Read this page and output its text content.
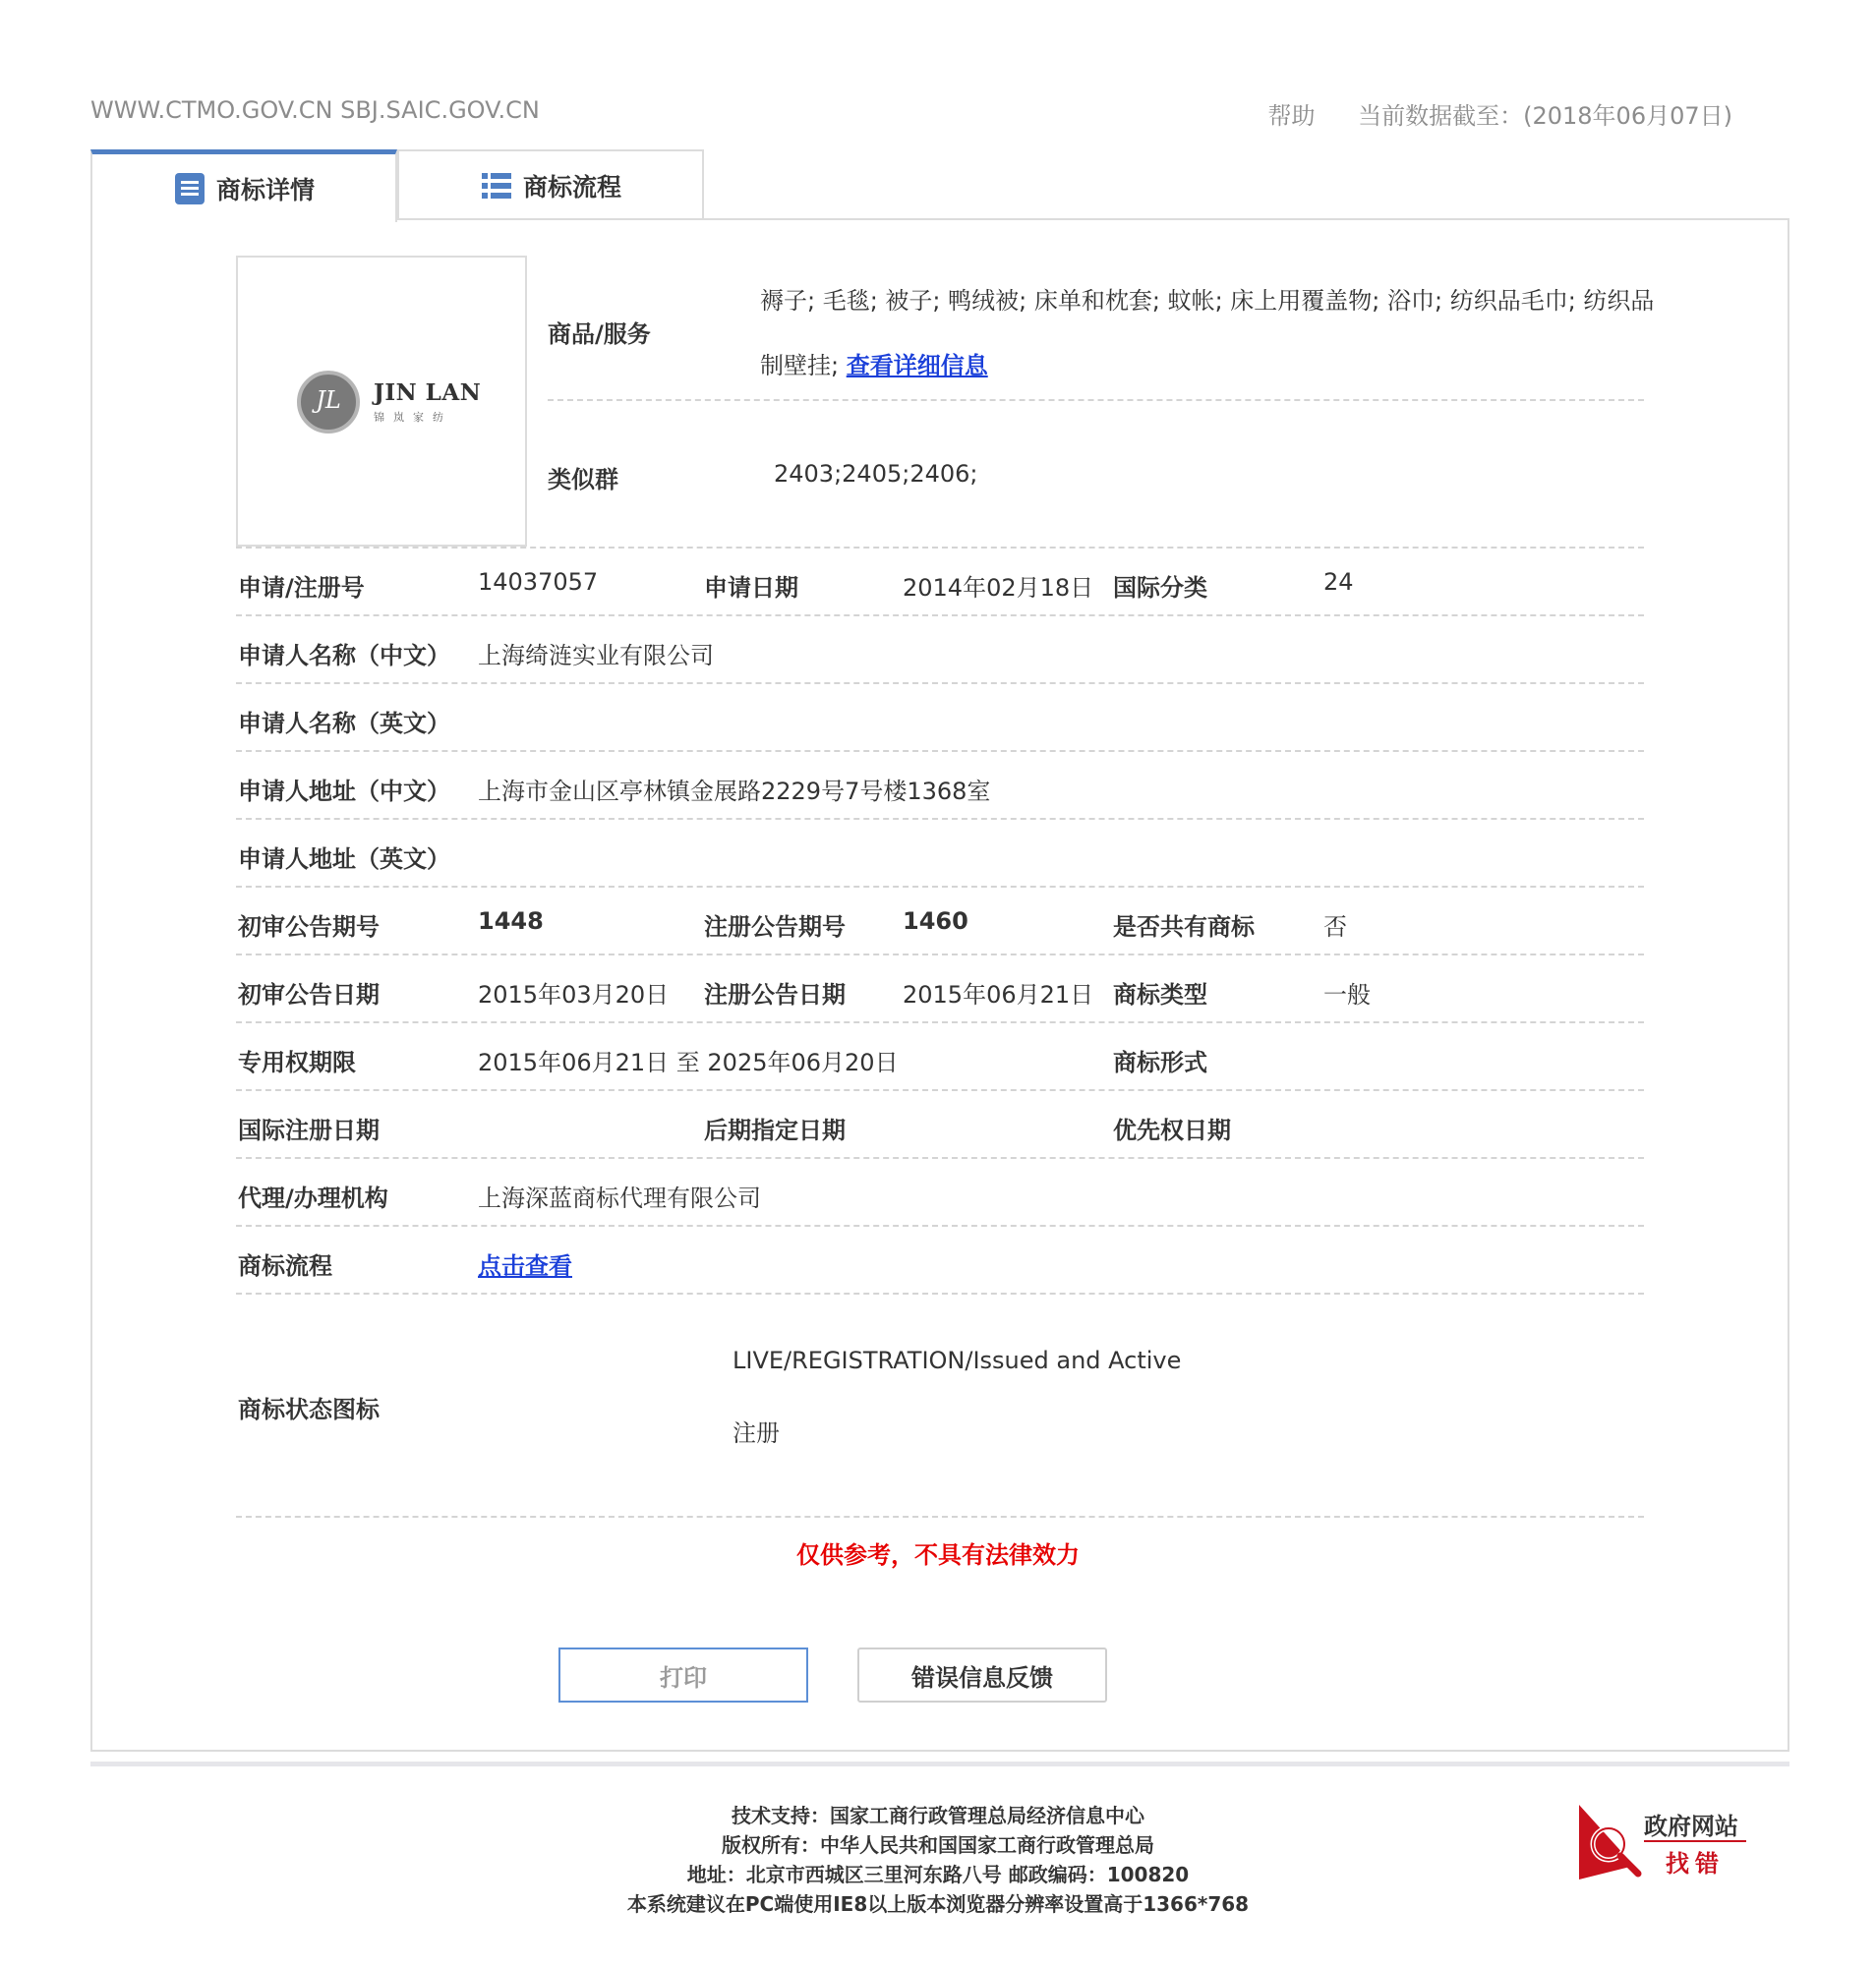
WWW.CTMO.GOV.CN SBJ.SAIC.GOV.CN	帮助 当前数据截至：(2018年06月07日)
商标详情	商标流程
JL	JIN LAN
锦岚家纺
商品/服务
褥子; 毛毯; 被子; 鸭绒被; 床单和枕套; 蚊帐; 床上用覆盖物; 浴巾; 纺织品毛巾; 纺织品
制壁挂; 查看详细信息
类似群	2403;2405;2406;
申请/注册号	14037057	申请日期	2014年02月18日 国际分类	24
申请人名称（中文） 上海绮涟实业有限公司
申请人名称（英文）
申请人地址（中文） 上海市金山区亭林镇金展路2229号7号楼1368室
申请人地址（英文）
初审公告期号	1448	注册公告期号 1460	是否共有商标	否
初审公告日期	2015年03月20日 注册公告日期 2015年06月21日 商标类型	一般
专用权期限	2015年06月21日 至 2025年06月20日	商标形式
国际注册日期	后期指定日期	优先权日期
代理/办理机构	上海深蓝商标代理有限公司
商标流程	点击查看
商标状态图标
LIVE/REGISTRATION/Issued and Active
注册
仅供参考，不具有法律效力
打印	错误信息反馈
技术支持：国家工商行政管理总局经济信息中心
版权所有：中华人民共和国国家工商行政管理总局
地址：北京市西城区三里河东路八号 邮政编码：100820
本系统建议在PC端使用IE8以上版本浏览器分辨率设置高于1366*768
政府网站
找错
